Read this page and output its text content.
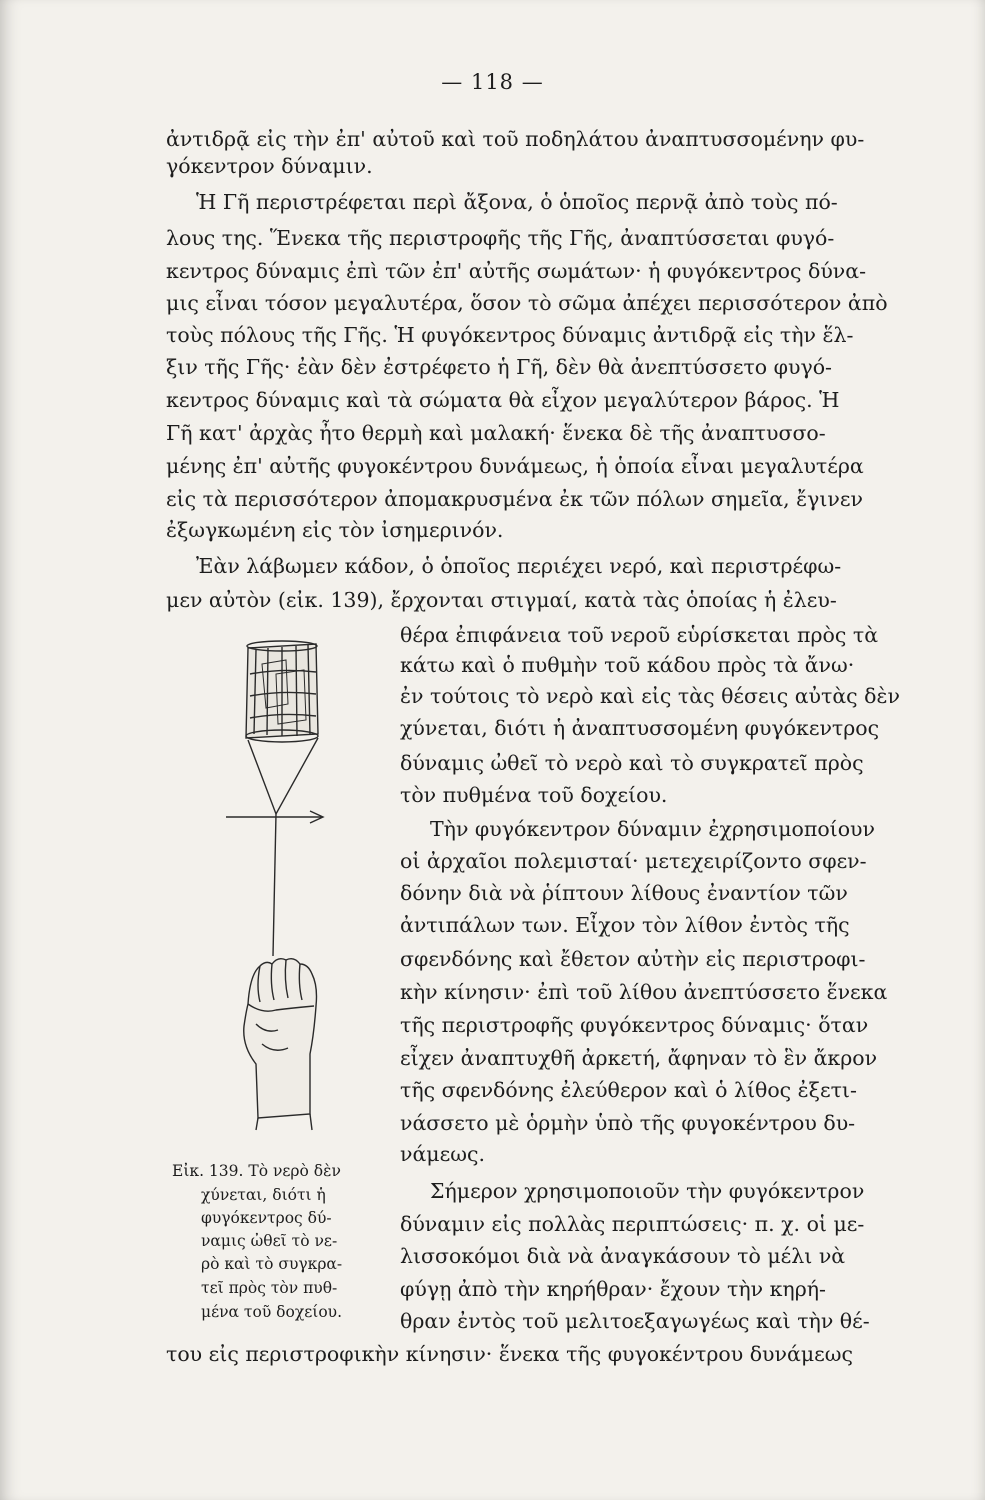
— 118 —
ἀντιδρᾷ εἰς τὴν ἐπ' αὐτοῦ καὶ τοῦ ποδηλάτου ἀναπτυσσομένην φυ-
γόκεντρον δύναμιν.
Ἡ Γῆ περιστρέφεται περὶ ἄξονα, ὁ ὁποῖος περνᾷ ἀπὸ τοὺς πό-
λους της. Ἕνεκα τῆς περιστροφῆς τῆς Γῆς, ἀναπτύσσεται φυγό-
κεντρος δύναμις ἐπὶ τῶν ἐπ' αὐτῆς σωμάτων· ἡ φυγόκεντρος δύνα-
μις εἶναι τόσον μεγαλυτέρα, ὅσον τὸ σῶμα ἀπέχει περισσότερον ἀπὸ
τοὺς πόλους τῆς Γῆς. Ἡ φυγόκεντρος δύναμις ἀντιδρᾷ εἰς τὴν ἕλ-
ξιν τῆς Γῆς· ἐὰν δὲν ἐστρέφετο ἡ Γῆ, δὲν θὰ ἀνεπτύσσετο φυγό-
κεντρος δύναμις καὶ τὰ σώματα θὰ εἶχον μεγαλύτερον βάρος. Ἡ
Γῆ κατ' ἀρχὰς ἦτο θερμὴ καὶ μαλακή· ἕνεκα δὲ τῆς ἀναπτυσσο-
μένης ἐπ' αὐτῆς φυγοκέντρου δυνάμεως, ἡ ὁποία εἶναι μεγαλυτέρα
εἰς τὰ περισσότερον ἀπομακρυσμένα ἐκ τῶν πόλων σημεῖα, ἔγινεν
ἐξωγκωμένη εἰς τὸν ἰσημερινόν.
Ἐὰν λάβωμεν κάδον, ὁ ὁποῖος περιέχει νερό, καὶ περιστρέφω-
μεν αὐτὸν (εἰκ. 139), ἔρχονται στιγμαί, κατὰ τὰς ὁποίας ἡ ἐλευ-
θέρα ἐπιφάνεια τοῦ νεροῦ εὑρίσκεται πρὸς τὰ
κάτω καὶ ὁ πυθμὴν τοῦ κάδου πρὸς τὰ ἄνω·
ἐν τούτοις τὸ νερὸ καὶ εἰς τὰς θέσεις αὐτὰς δὲν
χύνεται, διότι ἡ ἀναπτυσσομένη φυγόκεντρος
δύναμις ὠθεῖ τὸ νερὸ καὶ τὸ συγκρατεῖ πρὸς
τὸν πυθμένα τοῦ δοχείου.
Τὴν φυγόκεντρον δύναμιν ἐχρησιμοποίουν
οἱ ἀρχαῖοι πολεμισταί· μετεχειρίζοντο σφεν-
δόνην διὰ νὰ ῥίπτουν λίθους ἐναντίον τῶν
ἀντιπάλων των. Εἶχον τὸν λίθον ἐντὸς τῆς
σφενδόνης καὶ ἔθετον αὐτὴν εἰς περιστροφι-
κὴν κίνησιν· ἐπὶ τοῦ λίθου ἀνεπτύσσετο ἕνεκα
τῆς περιστροφῆς φυγόκεντρος δύναμις· ὅταν
εἶχεν ἀναπτυχθῆ ἀρκετή, ἄφηναν τὸ ἓν ἄκρον
τῆς σφενδόνης ἐλεύθερον καὶ ὁ λίθος ἐξετι-
νάσσετο μὲ ὁρμὴν ὑπὸ τῆς φυγοκέντρου δυ-
νάμεως.
Σήμερον χρησιμοποιοῦν τὴν φυγόκεντρον
δύναμιν εἰς πολλὰς περιπτώσεις· π. χ. οἱ με-
λισσοκόμοι διὰ νὰ ἀναγκάσουν τὸ μέλι νὰ
φύγῃ ἀπὸ τὴν κηρήθραν· ἔχουν τὴν κηρή-
θραν ἐντὸς τοῦ μελιτοεξαγωγέως καὶ τὴν θέ-
του εἰς περιστροφικὴν κίνησιν· ἕνεκα τῆς φυγοκέντρου δυνάμεως
Εἰκ. 139. Τὸ νερὸ δὲν
χύνεται, διότι ἡ
φυγόκεντρος δύ-
ναμις ὠθεῖ τὸ νε-
ρὸ καὶ τὸ συγκρα-
τεῖ πρὸς τὸν πυθ-
μένα τοῦ δοχείου.
